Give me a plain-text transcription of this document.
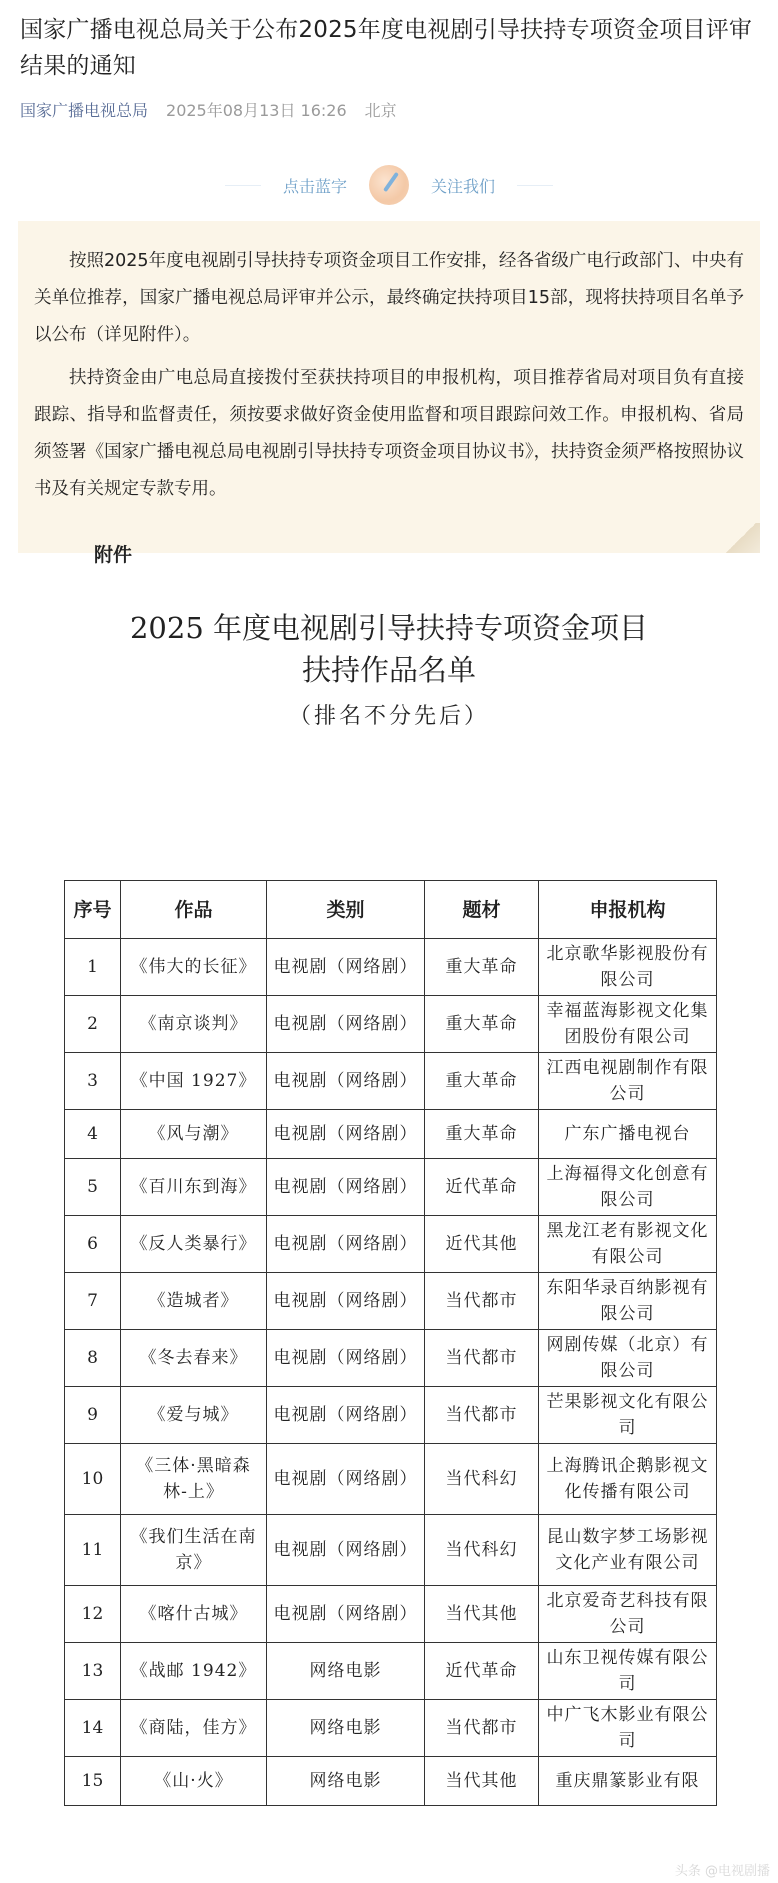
国家广播电视总局关于公布2025年度电视剧引导扶持专项资金项目评审结果的通知
国家广播电视总局 2025年08月13日 16:26 北京
点击蓝字	关注我们

按照2025年度电视剧引导扶持专项资金项目工作安排，经各省级广电行政部门、中央有关单位推荐，国家广播电视总局评审并公示，最终确定扶持项目15部，现将扶持项目名单予以公布（详见附件）。

扶持资金由广电总局直接拨付至获扶持项目的申报机构，项目推荐省局对项目负有直接跟踪、指导和监督责任，须按要求做好资金使用监督和项目跟踪问效工作。申报机构、省局须签署《国家广播电视总局电视剧引导扶持专项资金项目协议书》，扶持资金须严格按照协议书及有关规定专款专用。

附件
2025 年度电视剧引导扶持专项资金项目
扶持作品名单
（排名不分先后）
序号	作品	类别	题材	申报机构
1	《伟大的长征》	电视剧（网络剧）	重大革命	北京歌华影视股份有限公司
2	《南京谈判》	电视剧（网络剧）	重大革命	幸福蓝海影视文化集团股份有限公司
3	《中国 1927》	电视剧（网络剧）	重大革命	江西电视剧制作有限公司
4	《风与潮》	电视剧（网络剧）	重大革命	广东广播电视台
5	《百川东到海》	电视剧（网络剧）	近代革命	上海福得文化创意有限公司
6	《反人类暴行》	电视剧（网络剧）	近代其他	黑龙江老有影视文化有限公司
7	《造城者》	电视剧（网络剧）	当代都市	东阳华录百纳影视有限公司
8	《冬去春来》	电视剧（网络剧）	当代都市	网剧传媒（北京）有限公司
9	《爱与城》	电视剧（网络剧）	当代都市	芒果影视文化有限公司
10	《三体·黑暗森林-上》	电视剧（网络剧）	当代科幻	上海腾讯企鹅影视文化传播有限公司
11	《我们生活在南京》	电视剧（网络剧）	当代科幻	昆山数字梦工场影视文化产业有限公司
12	《喀什古城》	电视剧（网络剧）	当代其他	北京爱奇艺科技有限公司
13	《战邮 1942》	网络电影	近代革命	山东卫视传媒有限公司
14	《商陆，佳方》	网络电影	当代都市	中广飞木影业有限公司
15	《山·火》	网络电影	当代其他	重庆鼎篆影业有限
头条 @电视剧播
